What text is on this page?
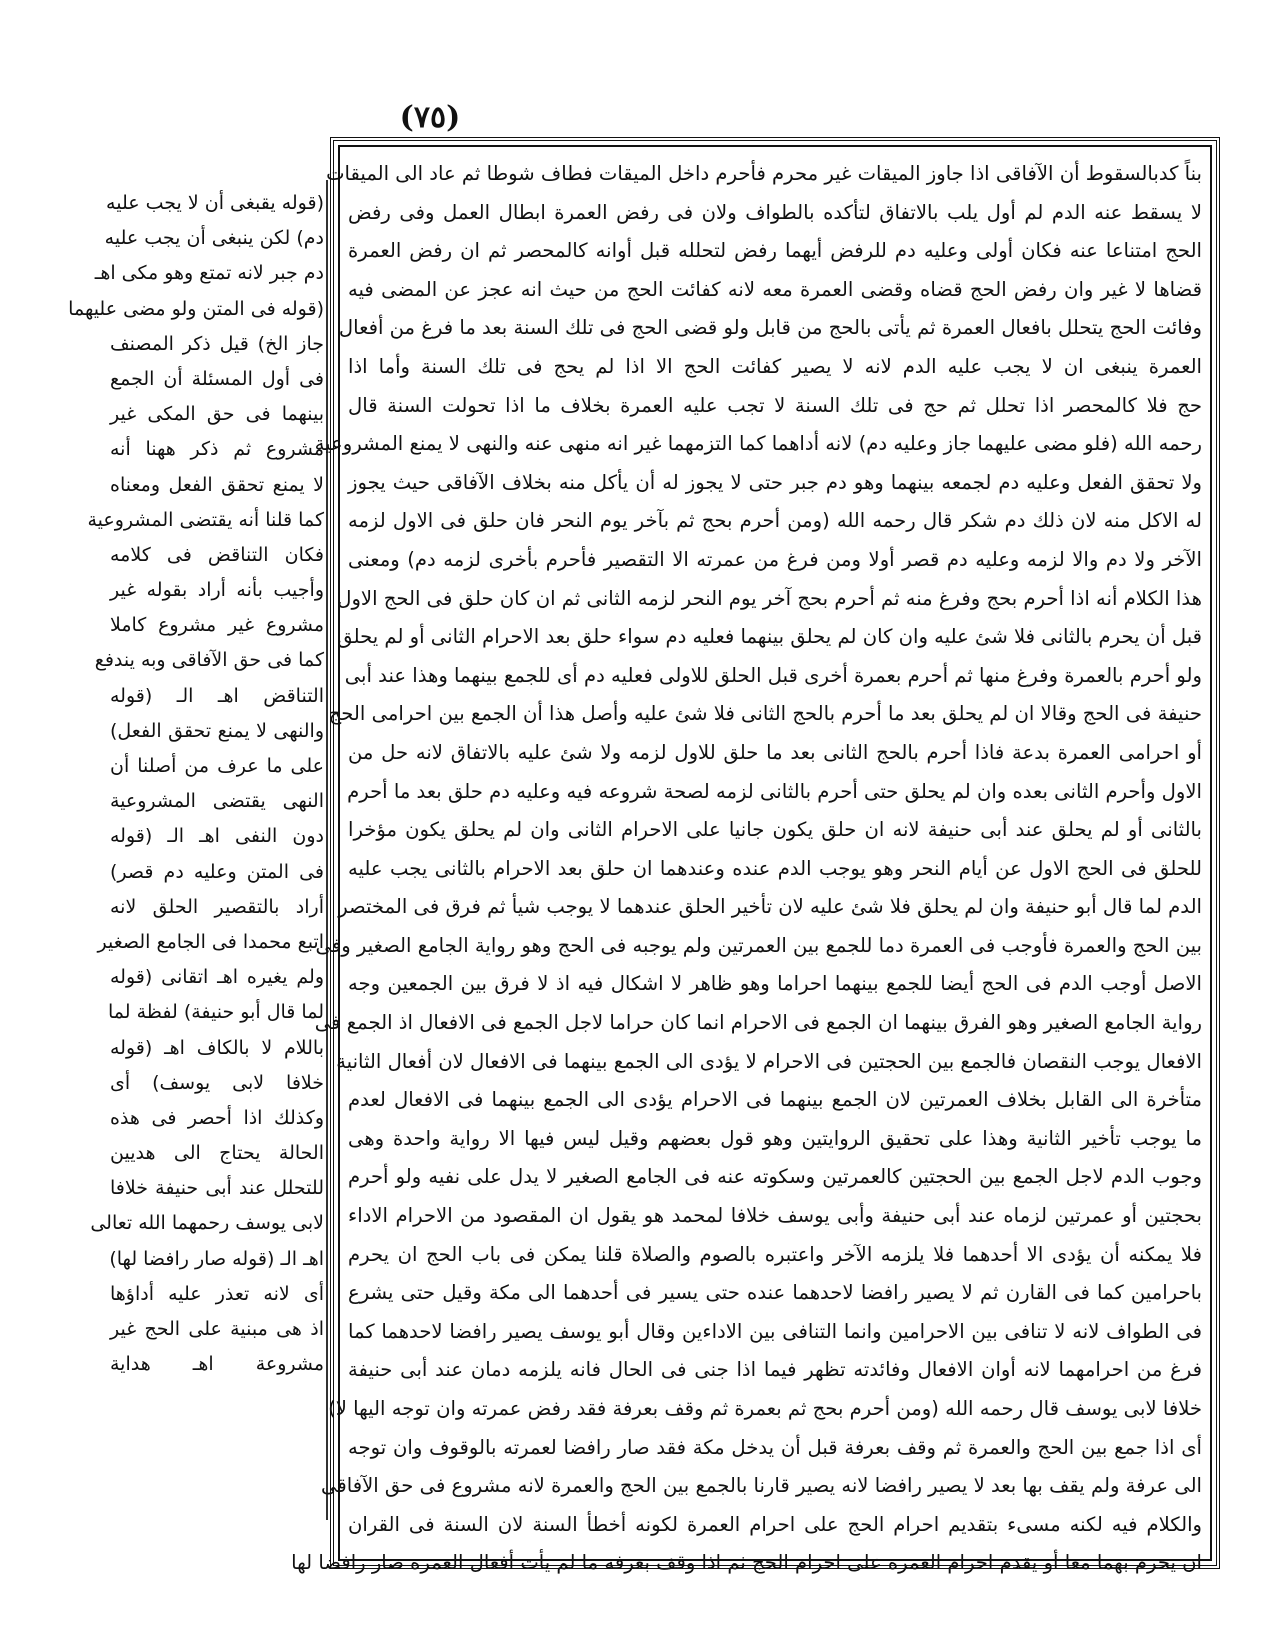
(٧٥)
(قوله يقبغى أن لا يجب عليه
دم) لكن ينبغى أن يجب عليه
دم جبر لانه تمتع وهو مكى اهـ
(قوله فى المتن ولو مضى عليهما
جاز الخ) قيل ذكر المصنف
فى أول المسئلة أن الجمع
بينهما فى حق المكى غير
مشروع ثم ذكر ههنا أنه
لا يمنع تحقق الفعل ومعناه
كما قلنا أنه يقتضى المشروعية
فكان التناقض فى كلامه
وأجيب بأنه أراد بقوله غير
مشروع غير مشروع كاملا
كما فى حق الآفاقى وبه يندفع
التناقض اهـ الـ (قوله
والنهى لا يمنع تحقق الفعل)
على ما عرف من أصلنا أن
النهى يقتضى المشروعية
دون النفى اهـ الـ (قوله
فى المتن وعليه دم قصر)
أراد بالتقصير الحلق لانه
اتبع محمدا فى الجامع الصغير
ولم يغيره اهـ اتقانى (قوله
لما قال أبو حنيفة) لفظة لما
باللام لا بالكاف اهـ (قوله
خلافا لابى يوسف) أى
وكذلك اذا أحصر فى هذه
الحالة يحتاج الى هديين
للتحلل عند أبى حنيفة خلافا
لابى يوسف رحمهما الله تعالى
اهـ الـ (قوله صار رافضا لها)
أى لانه تعذر عليه أداؤها
اذ هى مبنية على الحج غير
مشروعة اهـ هداية
بناً كدبالسقوط أن الآفاقى اذا جاوز الميقات غير محرم فأحرم داخل الميقات فطاف شوطا ثم عاد الى الميقات
لا يسقط عنه الدم لم أول يلب بالاتفاق لتأكده بالطواف ولان فى رفض العمرة ابطال العمل وفى رفض
الحج امتناعا عنه فكان أولى وعليه دم للرفض أيهما رفض لتحلله قبل أوانه كالمحصر ثم ان رفض العمرة
قضاها لا غير وان رفض الحج قضاه وقضى العمرة معه لانه كفائت الحج من حيث انه عجز عن المضى فيه
وفائت الحج يتحلل بافعال العمرة ثم يأتى بالحج من قابل ولو قضى الحج فى تلك السنة بعد ما فرغ من أفعال
العمرة ينبغى ان لا يجب عليه الدم لانه لا يصير كفائت الحج الا اذا لم يحج فى تلك السنة وأما اذا
حج فلا كالمحصر اذا تحلل ثم حج فى تلك السنة لا تجب عليه العمرة بخلاف ما اذا تحولت السنة قال
رحمه الله (فلو مضى عليهما جاز وعليه دم) لانه أداهما كما التزمهما غير انه منهى عنه والنهى لا يمنع المشروعية
ولا تحقق الفعل وعليه دم لجمعه بينهما وهو دم جبر حتى لا يجوز له أن يأكل منه بخلاف الآفاقى حيث يجوز
له الاكل منه لان ذلك دم شكر قال رحمه الله (ومن أحرم بحج ثم بآخر يوم النحر فان حلق فى الاول لزمه
الآخر ولا دم والا لزمه وعليه دم قصر أولا ومن فرغ من عمرته الا التقصير فأحرم بأخرى لزمه دم) ومعنى
هذا الكلام أنه اذا أحرم بحج وفرغ منه ثم أحرم بحج آخر يوم النحر لزمه الثانى ثم ان كان حلق فى الحج الاول
قبل أن يحرم بالثانى فلا شئ عليه وان كان لم يحلق بينهما فعليه دم سواء حلق بعد الاحرام الثانى أو لم يحلق
ولو أحرم بالعمرة وفرغ منها ثم أحرم بعمرة أخرى قبل الحلق للاولى فعليه دم أى للجمع بينهما وهذا عند أبى
حنيفة فى الحج وقالا ان لم يحلق بعد ما أحرم بالحج الثانى فلا شئ عليه وأصل هذا أن الجمع بين احرامى الحج
أو احرامى العمرة بدعة فاذا أحرم بالحج الثانى بعد ما حلق للاول لزمه ولا شئ عليه بالاتفاق لانه حل من
الاول وأحرم الثانى بعده وان لم يحلق حتى أحرم بالثانى لزمه لصحة شروعه فيه وعليه دم حلق بعد ما أحرم
بالثانى أو لم يحلق عند أبى حنيفة لانه ان حلق يكون جانيا على الاحرام الثانى وان لم يحلق يكون مؤخرا
للحلق فى الحج الاول عن أيام النحر وهو يوجب الدم عنده وعندهما ان حلق بعد الاحرام بالثانى يجب عليه
الدم لما قال أبو حنيفة وان لم يحلق فلا شئ عليه لان تأخير الحلق عندهما لا يوجب شيأ ثم فرق فى المختصر
بين الحج والعمرة فأوجب فى العمرة دما للجمع بين العمرتين ولم يوجبه فى الحج وهو رواية الجامع الصغير وفى
الاصل أوجب الدم فى الحج أيضا للجمع بينهما احراما وهو ظاهر لا اشكال فيه اذ لا فرق بين الجمعين وجه
رواية الجامع الصغير وهو الفرق بينهما ان الجمع فى الاحرام انما كان حراما لاجل الجمع فى الافعال اذ الجمع فى
الافعال يوجب النقصان فالجمع بين الحجتين فى الاحرام لا يؤدى الى الجمع بينهما فى الافعال لان أفعال الثانية
متأخرة الى القابل بخلاف العمرتين لان الجمع بينهما فى الاحرام يؤدى الى الجمع بينهما فى الافعال لعدم
ما يوجب تأخير الثانية وهذا على تحقيق الروايتين وهو قول بعضهم وقيل ليس فيها الا رواية واحدة وهى
وجوب الدم لاجل الجمع بين الحجتين كالعمرتين وسكوته عنه فى الجامع الصغير لا يدل على نفيه ولو أحرم
بحجتين أو عمرتين لزماه عند أبى حنيفة وأبى يوسف خلافا لمحمد هو يقول ان المقصود من الاحرام الاداء
فلا يمكنه أن يؤدى الا أحدهما فلا يلزمه الآخر واعتبره بالصوم والصلاة قلنا يمكن فى باب الحج ان يحرم
باحرامين كما فى القارن ثم لا يصير رافضا لاحدهما عنده حتى يسير فى أحدهما الى مكة وقيل حتى يشرع
فى الطواف لانه لا تنافى بين الاحرامين وانما التنافى بين الاداءين وقال أبو يوسف يصير رافضا لاحدهما كما
فرغ من احرامهما لانه أوان الافعال وفائدته تظهر فيما اذا جنى فى الحال فانه يلزمه دمان عند أبى حنيفة
خلافا لابى يوسف قال رحمه الله (ومن أحرم بحج ثم بعمرة ثم وقف بعرفة فقد رفض عمرته وان توجه اليها لا)
أى اذا جمع بين الحج والعمرة ثم وقف بعرفة قبل أن يدخل مكة فقد صار رافضا لعمرته بالوقوف وان توجه
الى عرفة ولم يقف بها بعد لا يصير رافضا لانه يصير قارنا بالجمع بين الحج والعمرة لانه مشروع فى حق الآفاقى
والكلام فيه لكنه مسىء بتقديم احرام الحج على احرام العمرة لكونه أخطأ السنة لان السنة فى القران
ان يحرم بهما معا أو يقدم احرام العمرة على احرام الحج ثم اذا وقف بعرفة ما لم يأت أفعال العمرة صار رافضا لها
